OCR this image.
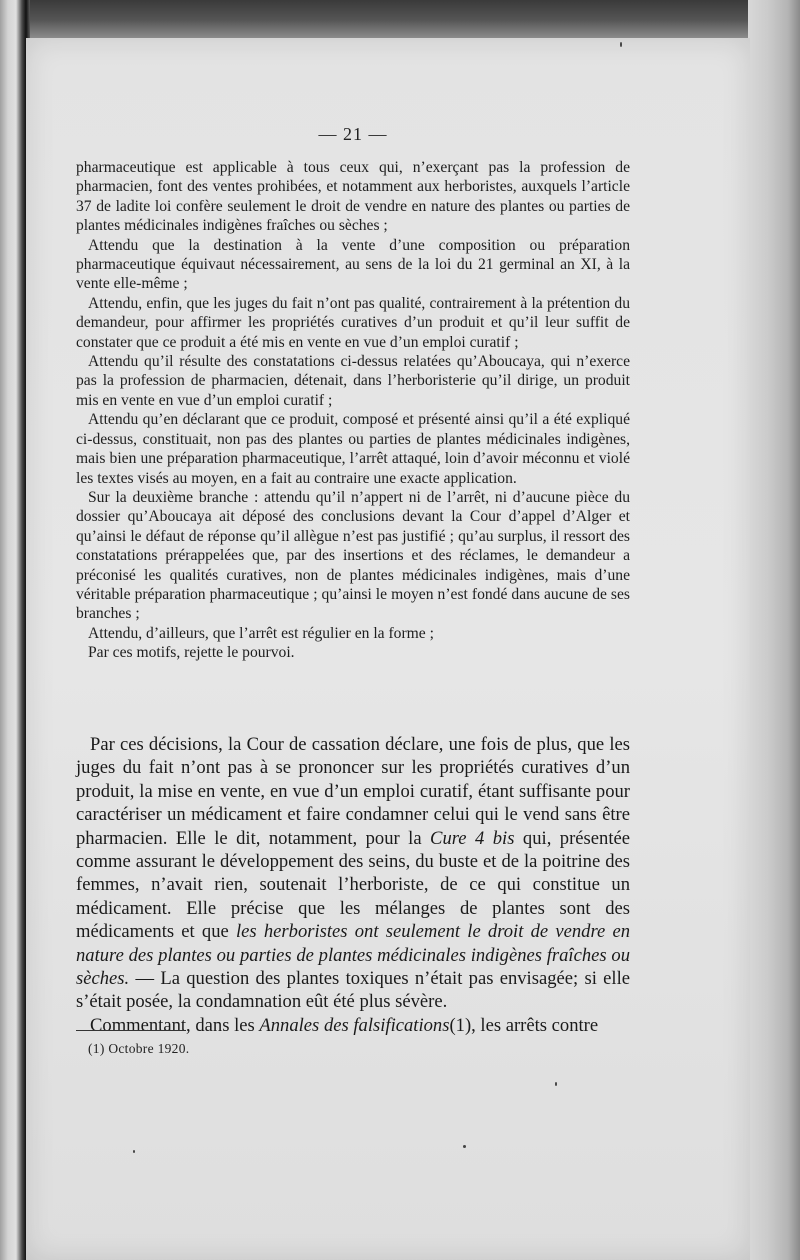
— 21 —

pharmaceutique est applicable à tous ceux qui, n’exerçant pas la profession de pharmacien, font des ventes prohibées, et notamment aux herboristes, auxquels l’article 37 de ladite loi confère seulement le droit de vendre en nature des plantes ou parties de plantes médicinales indigènes fraîches ou sèches ;

Attendu que la destination à la vente d’une composition ou préparation pharmaceutique équivaut nécessairement, au sens de la loi du 21 germinal an XI, à la vente elle-même ;

Attendu, enfin, que les juges du fait n’ont pas qualité, contrairement à la prétention du demandeur, pour affirmer les propriétés curatives d’un produit et qu’il leur suffit de constater que ce produit a été mis en vente en vue d’un emploi curatif ;

Attendu qu’il résulte des constatations ci-dessus relatées qu’Aboucaya, qui n’exerce pas la profession de pharmacien, détenait, dans l’herboristerie qu’il dirige, un produit mis en vente en vue d’un emploi curatif ;

Attendu qu’en déclarant que ce produit, composé et présenté ainsi qu’il a été expliqué ci-dessus, constituait, non pas des plantes ou parties de plantes médicinales indigènes, mais bien une préparation pharmaceutique, l’arrêt attaqué, loin d’avoir méconnu et violé les textes visés au moyen, en a fait au contraire une exacte application.

Sur la deuxième branche : attendu qu’il n’appert ni de l’arrêt, ni d’aucune pièce du dossier qu’Aboucaya ait déposé des conclusions devant la Cour d’appel d’Alger et qu’ainsi le défaut de réponse qu’il allègue n’est pas justifié ; qu’au surplus, il ressort des constatations prérappelées que, par des insertions et des réclames, le demandeur a préconisé les qualités curatives, non de plantes médicinales indigènes, mais d’une véritable préparation pharmaceutique ; qu’ainsi le moyen n’est fondé dans aucune de ses branches ;

Attendu, d’ailleurs, que l’arrêt est régulier en la forme ;

Par ces motifs, rejette le pourvoi.

Par ces décisions, la Cour de cassation déclare, une fois de plus, que les juges du fait n’ont pas à se prononcer sur les propriétés curatives d’un produit, la mise en vente, en vue d’un emploi curatif, étant suffisante pour caractériser un médicament et faire condamner celui qui le vend sans être pharmacien. Elle le dit, notamment, pour la Cure 4 bis qui, présentée comme assurant le développement des seins, du buste et de la poitrine des femmes, n’avait rien, soutenait l’herboriste, de ce qui constitue un médicament. Elle précise que les mélanges de plantes sont des médicaments et que les herboristes ont seulement le droit de vendre en nature des plantes ou parties de plantes médicinales indigènes fraîches ou sèches. — La question des plantes toxiques n’était pas envisagée; si elle s’était posée, la condamnation eût été plus sévère.

Commentant, dans les Annales des falsifications(1), les arrêts contre

(1) Octobre 1920.
